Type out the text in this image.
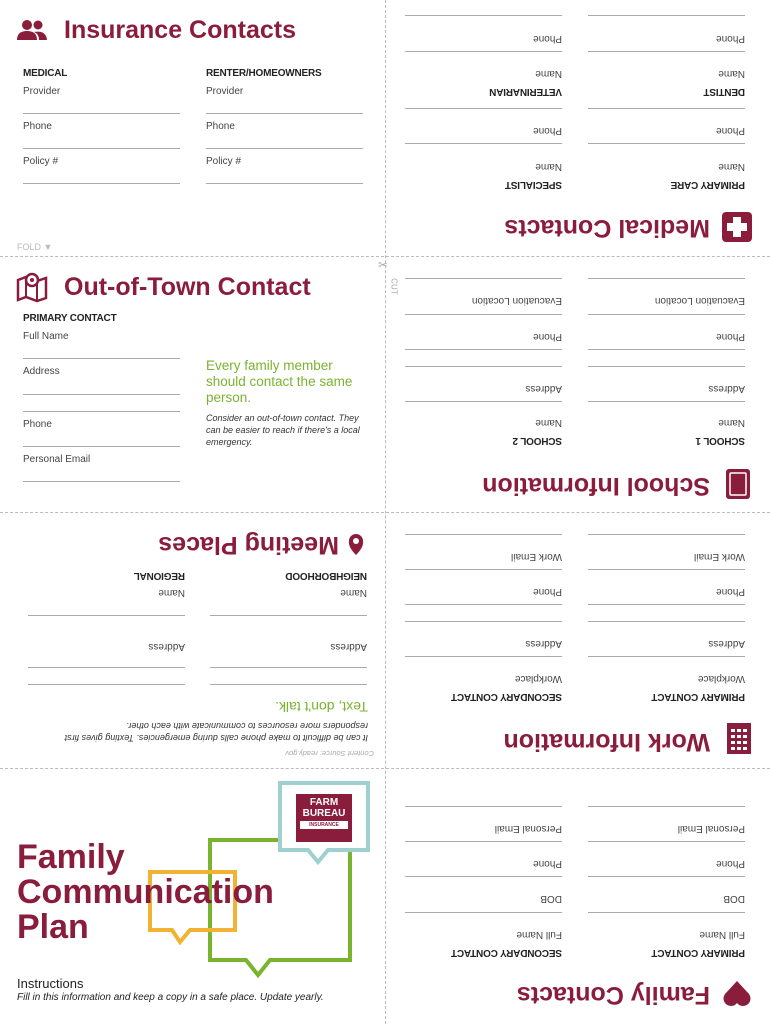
Insurance Contacts
MEDICAL
Provider
Phone
Policy #
RENTER/HOMEOWNERS
Provider
Phone
Policy #
FOLD ▼
Out-of-Town Contact
PRIMARY CONTACT
Full Name
Address
Phone
Personal Email
Every family member should contact the same person.
Consider an out-of-town contact. They can be easier to reach if there's a local emergency.
✂
CUT
Content Source: ready.gov
It can be difficult to make phone calls during emergencies. Texting gives first responders more resources to communicate with each other.
Text, don't talk.
Address
Name
NEIGHBORHOOD
Address
Name
REGIONAL
Meeting Places
FARM
BUREAU
INSURANCE
Family
Communication
Plan
Instructions
Fill in this information and keep a copy in a safe place. Update yearly.
Medical Contacts
PRIMARY CARE
Name
Phone
DENTIST
Name
Phone
SPECIALIST
Name
Phone
VETERINARIAN
Name
Phone
School Information
SCHOOL 1
Name
Address
Phone
Evacuation Location
SCHOOL 2
Name
Address
Phone
Evacuation Location
Work Information
PRIMARY CONTACT
Workplace
Address
Phone
Work Email
SECONDARY CONTACT
Workplace
Address
Phone
Work Email
Family Contacts
PRIMARY CONTACT
Full Name
DOB
Phone
Personal Email
SECONDARY CONTACT
Full Name
DOB
Phone
Personal Email
